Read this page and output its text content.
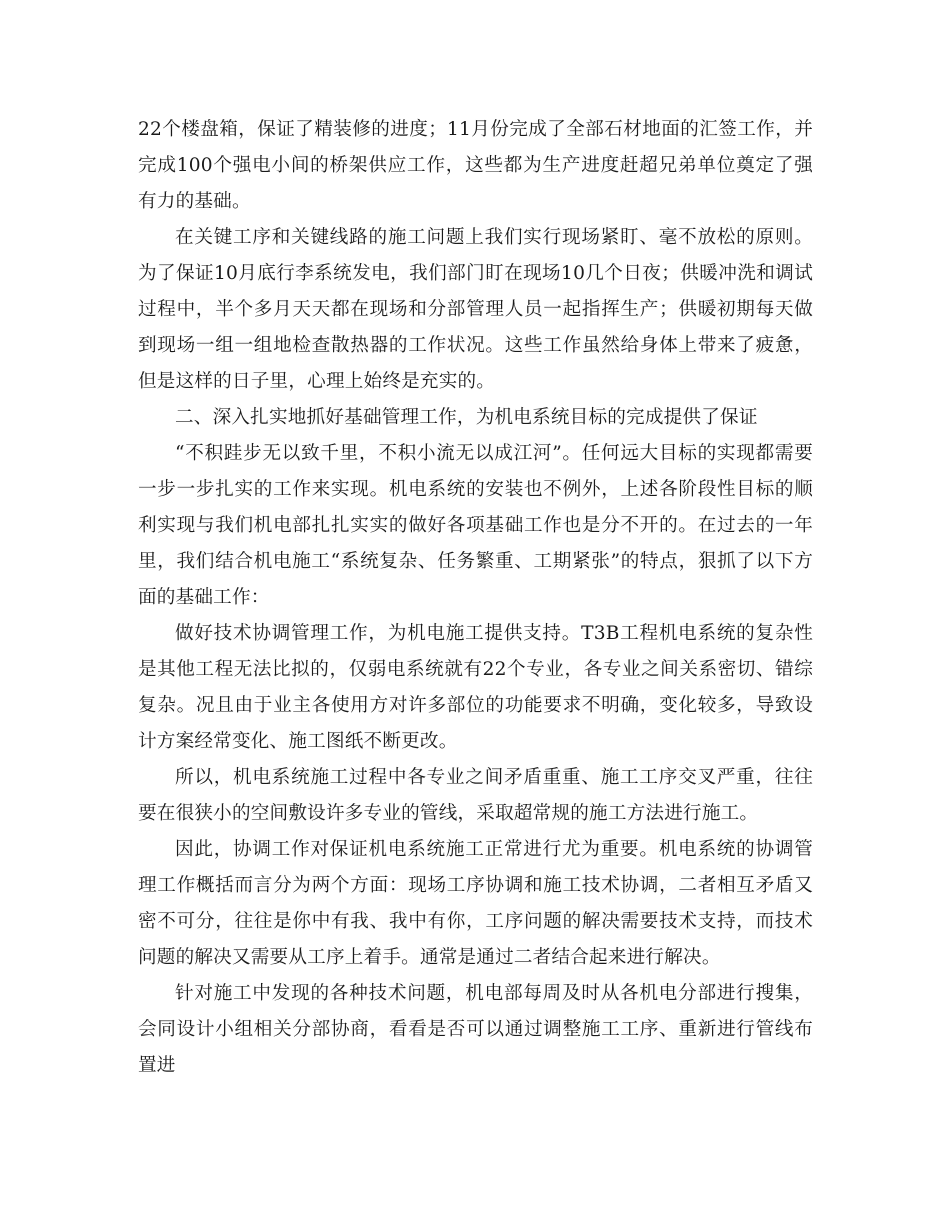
22个楼盘箱，保证了精装修的进度；11月份完成了全部石材地面的汇签工作，并完成100个强电小间的桥架供应工作，这些都为生产进度赶超兄弟单位奠定了强有力的基础。

在关键工序和关键线路的施工问题上我们实行现场紧盯、毫不放松的原则。为了保证10月底行李系统发电，我们部门盯在现场10几个日夜；供暖冲洗和调试过程中，半个多月天天都在现场和分部管理人员一起指挥生产；供暖初期每天做到现场一组一组地检查散热器的工作状况。这些工作虽然给身体上带来了疲惫，但是这样的日子里，心理上始终是充实的。

二、深入扎实地抓好基础管理工作，为机电系统目标的完成提供了保证

“不积跬步无以致千里，不积小流无以成江河”。任何远大目标的实现都需要一步一步扎实的工作来实现。机电系统的安装也不例外，上述各阶段性目标的顺利实现与我们机电部扎扎实实的做好各项基础工作也是分不开的。在过去的一年里，我们结合机电施工“系统复杂、任务繁重、工期紧张”的特点，狠抓了以下方面的基础工作：

做好技术协调管理工作，为机电施工提供支持。T3B工程机电系统的复杂性是其他工程无法比拟的，仅弱电系统就有22个专业，各专业之间关系密切、错综复杂。况且由于业主各使用方对许多部位的功能要求不明确，变化较多，导致设计方案经常变化、施工图纸不断更改。

所以，机电系统施工过程中各专业之间矛盾重重、施工工序交叉严重，往往要在很狭小的空间敷设许多专业的管线，采取超常规的施工方法进行施工。

因此，协调工作对保证机电系统施工正常进行尤为重要。机电系统的协调管理工作概括而言分为两个方面：现场工序协调和施工技术协调，二者相互矛盾又密不可分，往往是你中有我、我中有你，工序问题的解决需要技术支持，而技术问题的解决又需要从工序上着手。通常是通过二者结合起来进行解决。

针对施工中发现的各种技术问题，机电部每周及时从各机电分部进行搜集，会同设计小组相关分部协商，看看是否可以通过调整施工工序、重新进行管线布置进
